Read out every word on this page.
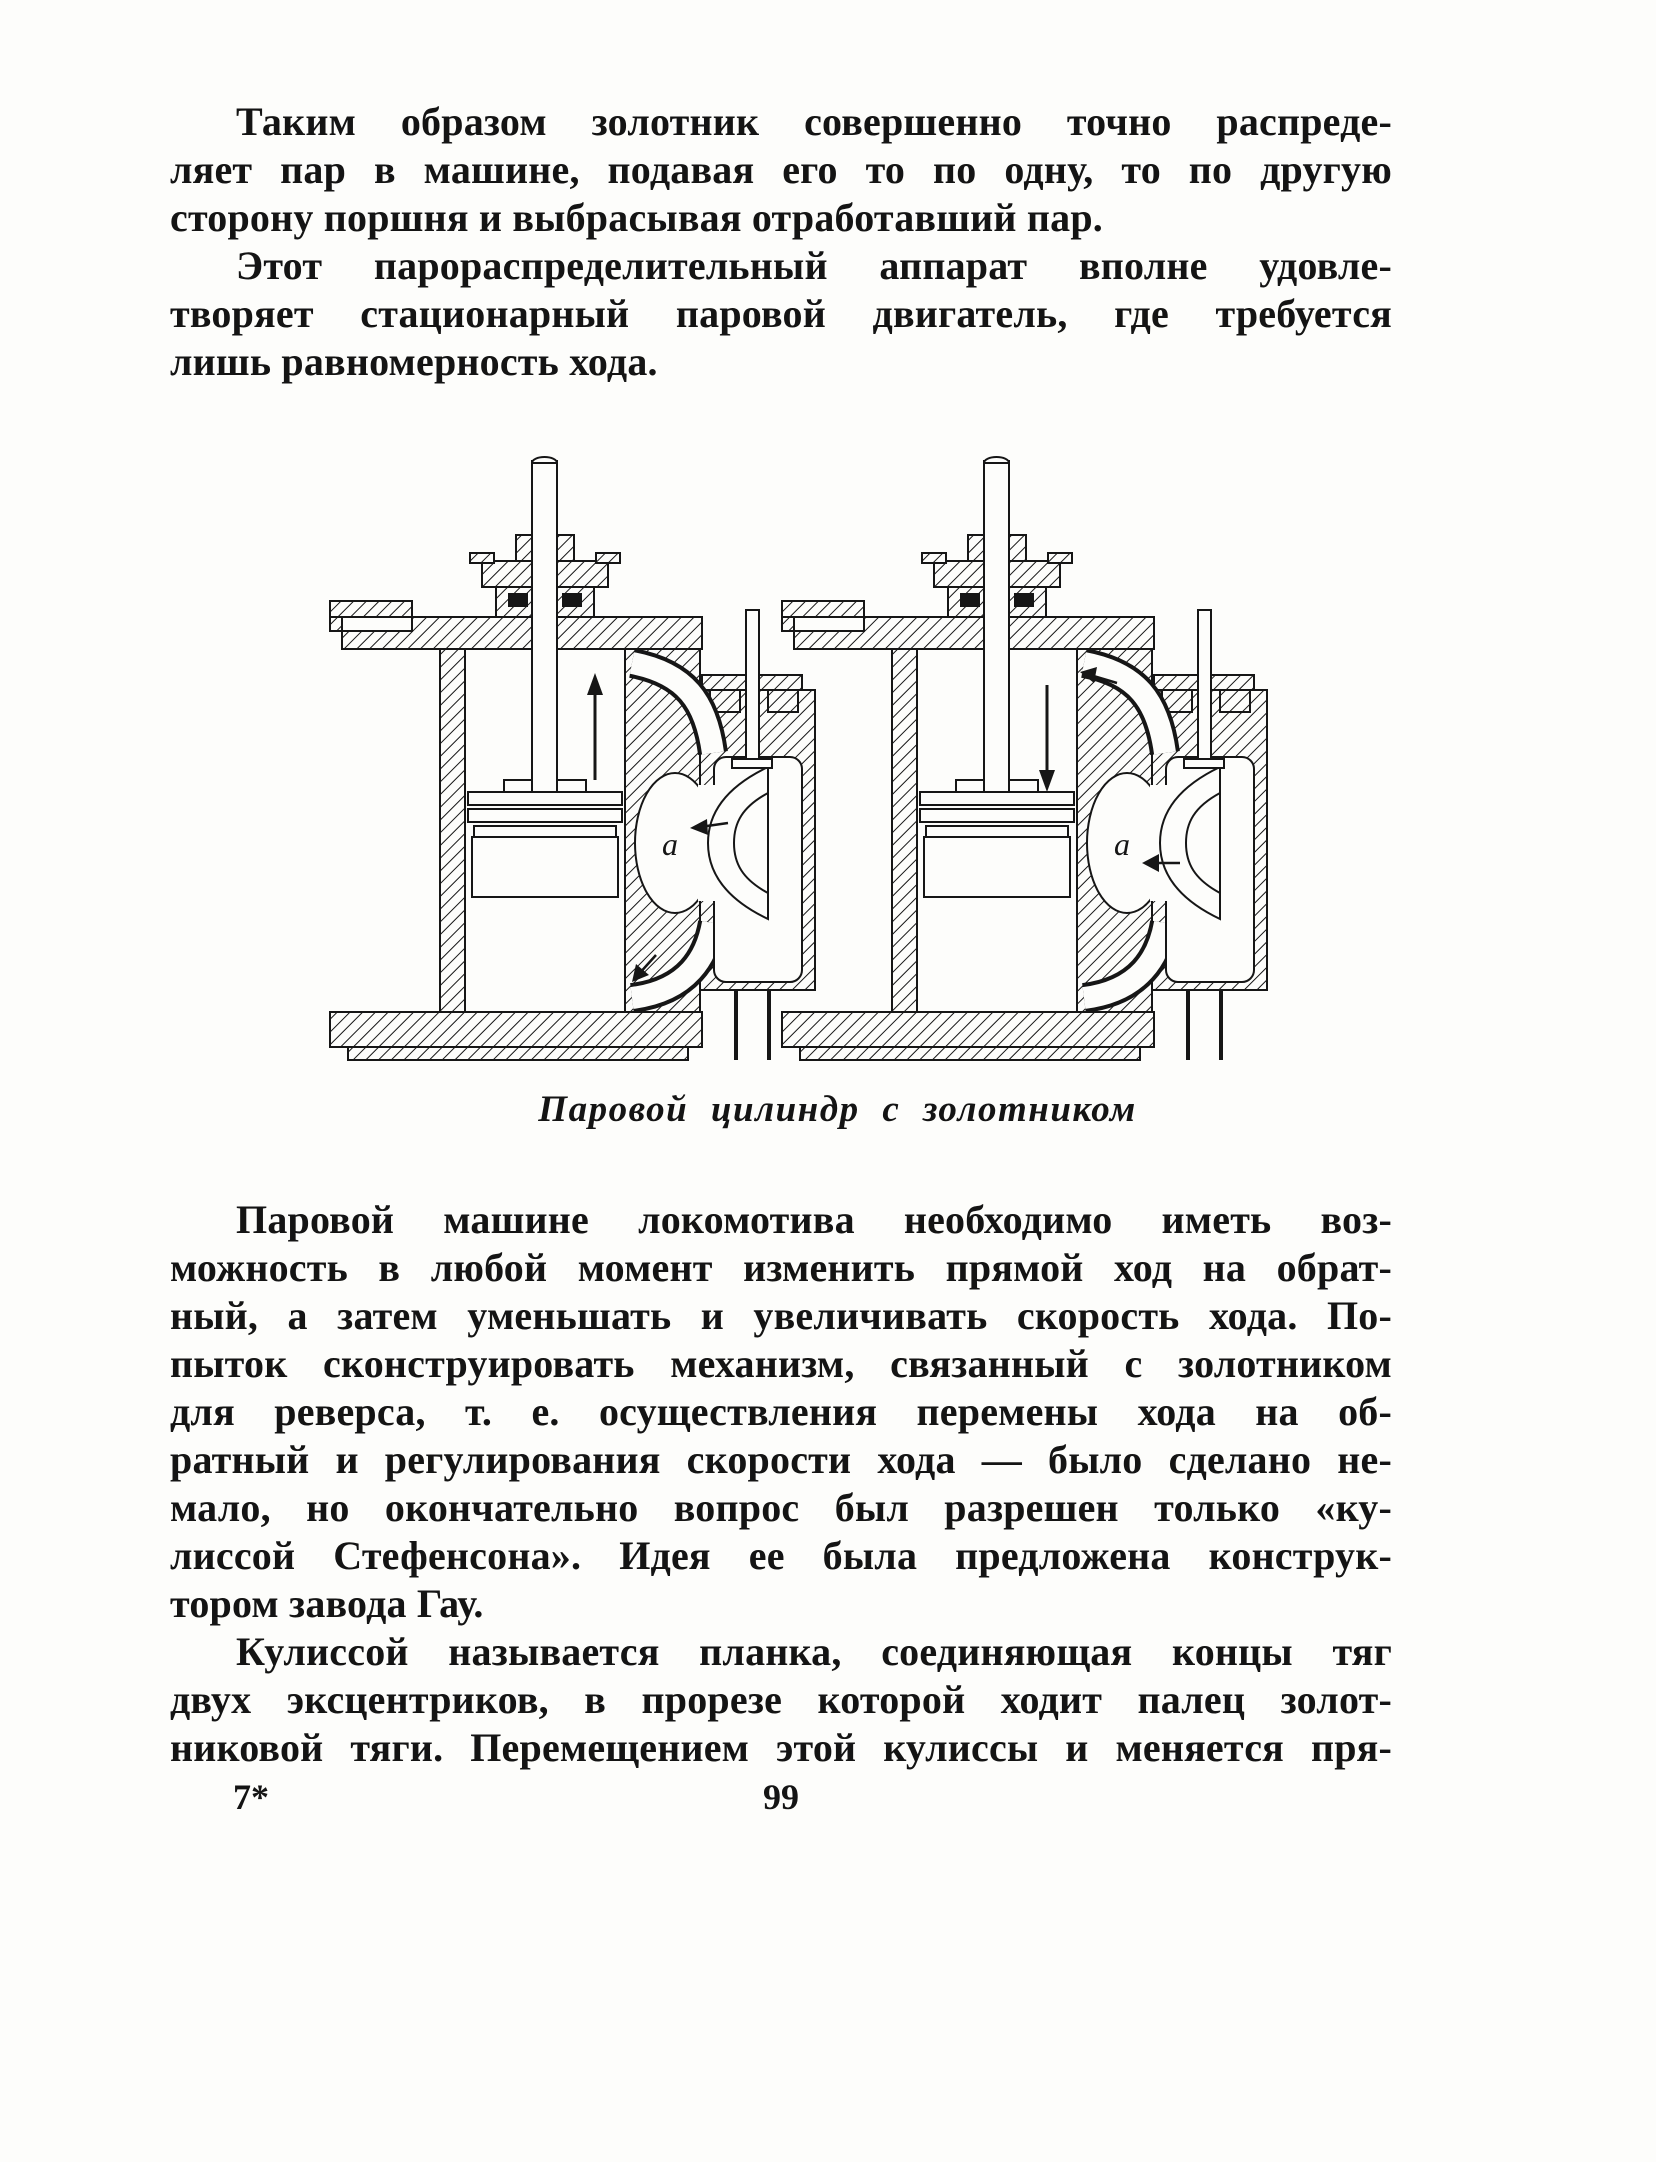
Таким образом золотник совершенно точно распреде-
ляет пар в машине, подавая его то по одну, то по другую
сторону поршня и выбрасывая отработавший пар.
Этот парораспределительный аппарат вполне удовле-
творяет стационарный паровой двигатель, где требуется
лишь равномерность хода.
Паровой цилиндр с золотником
Паровой машине локомотива необходимо иметь воз-
можность в любой момент изменить прямой ход на обрат-
ный, а затем уменьшать и увеличивать скорость хода. По-
пыток сконструировать механизм, связанный с золотником
для реверса, т. е. осуществления перемены хода на об-
ратный и регулирования скорости хода — было сделано не-
мало, но окончательно вопрос был разрешен только «ку-
лиссой Стефенсона». Идея ее была предложена конструк-
тором завода Гау.
Кулиссой называется планка, соединяющая концы тяг
двух эксцентриков, в прорезе которой ходит палец золот-
никовой тяги. Перемещением этой кулиссы и меняется пря-
7*	99
